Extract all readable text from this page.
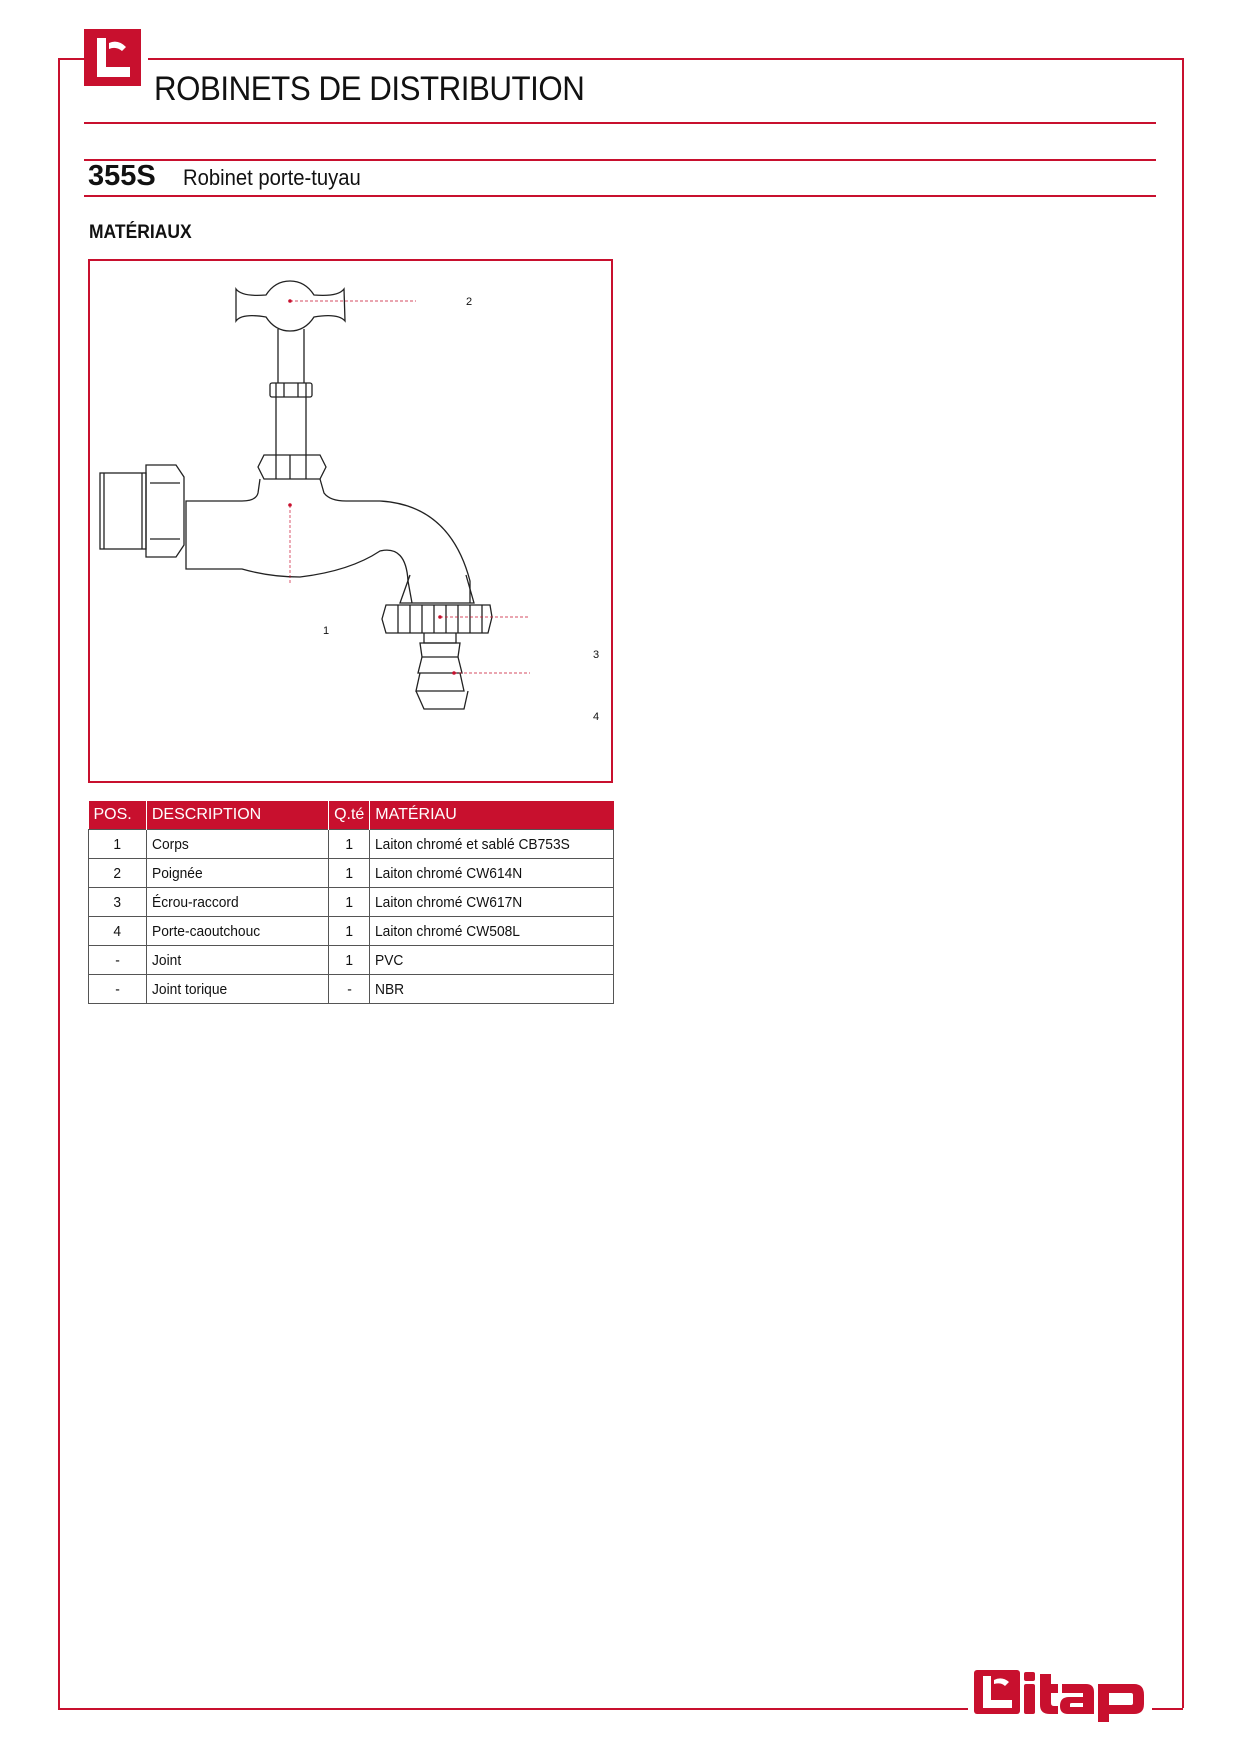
ROBINETS DE DISTRIBUTION
355S Robinet porte-tuyau
MATÉRIAUX
1
2
3
4
POS.	DESCRIPTION	Q.té	MATÉRIAU
1	Corps	1	Laiton chromé et sablé CB753S
2	Poignée	1	Laiton chromé CW614N
3	Écrou-raccord	1	Laiton chromé CW617N
4	Porte-caoutchouc	1	Laiton chromé CW508L
-	Joint	1	PVC
-	Joint torique	-	NBR
